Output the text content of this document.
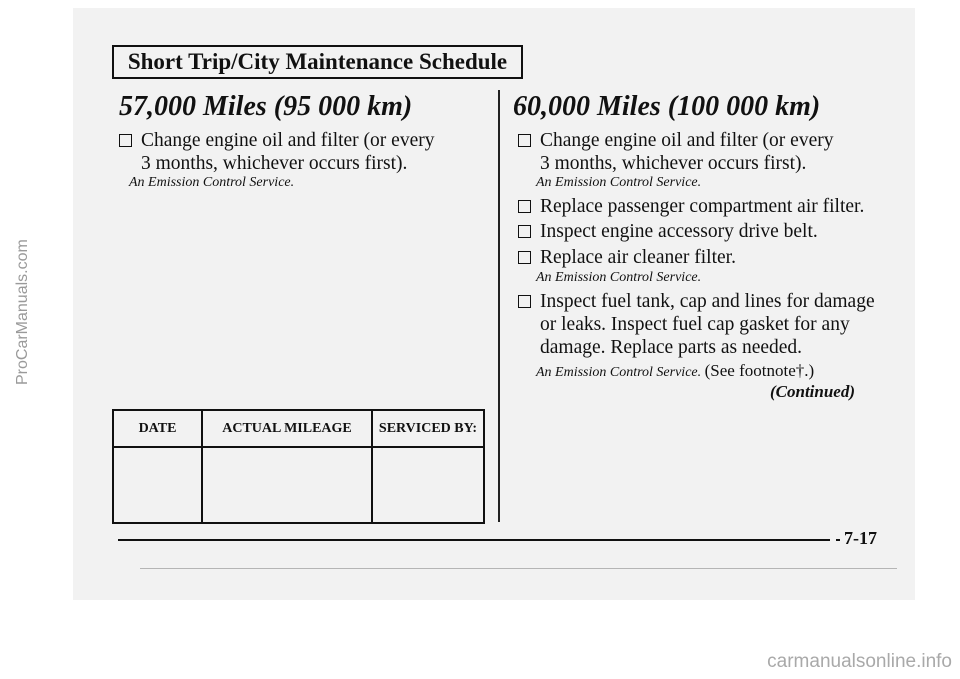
ProCarManuals.com
Short Trip/City Maintenance Schedule
57,000 Miles (95 000 km)
Change engine oil and filter (or every 3 months, whichever occurs first).
An Emission Control Service.
60,000 Miles (100 000 km)
Change engine oil and filter (or every 3 months, whichever occurs first).
An Emission Control Service.
Replace passenger compartment air filter.
Inspect engine accessory drive belt.
Replace air cleaner filter.
An Emission Control Service.
Inspect fuel tank, cap and lines for damage or leaks. Inspect fuel cap gasket for any damage. Replace parts as needed.
An Emission Control Service. (See footnote†.)
(Continued)
DATE	ACTUAL MILEAGE	SERVICED BY:

7-17
carmanualsonline.info
